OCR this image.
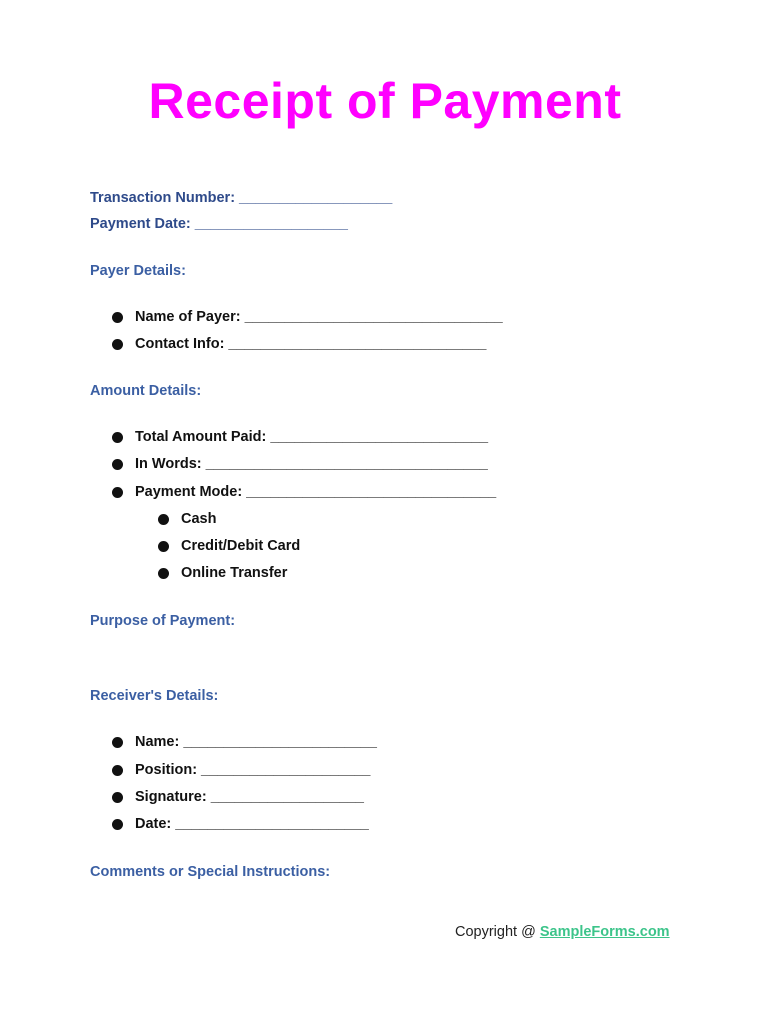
Receipt of Payment
Transaction Number: ___________________
Payment Date: ___________________
Payer Details:
Name of Payer: ________________________________
Contact Info: ________________________________
Amount Details:
Total Amount Paid: ___________________________
In Words: ___________________________________
Payment Mode: _______________________________
Cash
Credit/Debit Card
Online Transfer
Purpose of Payment:
Receiver's Details:
Name: ________________________
Position: _____________________
Signature: ___________________
Date: ________________________
Comments or Special Instructions:
Copyright @ SampleForms.com
